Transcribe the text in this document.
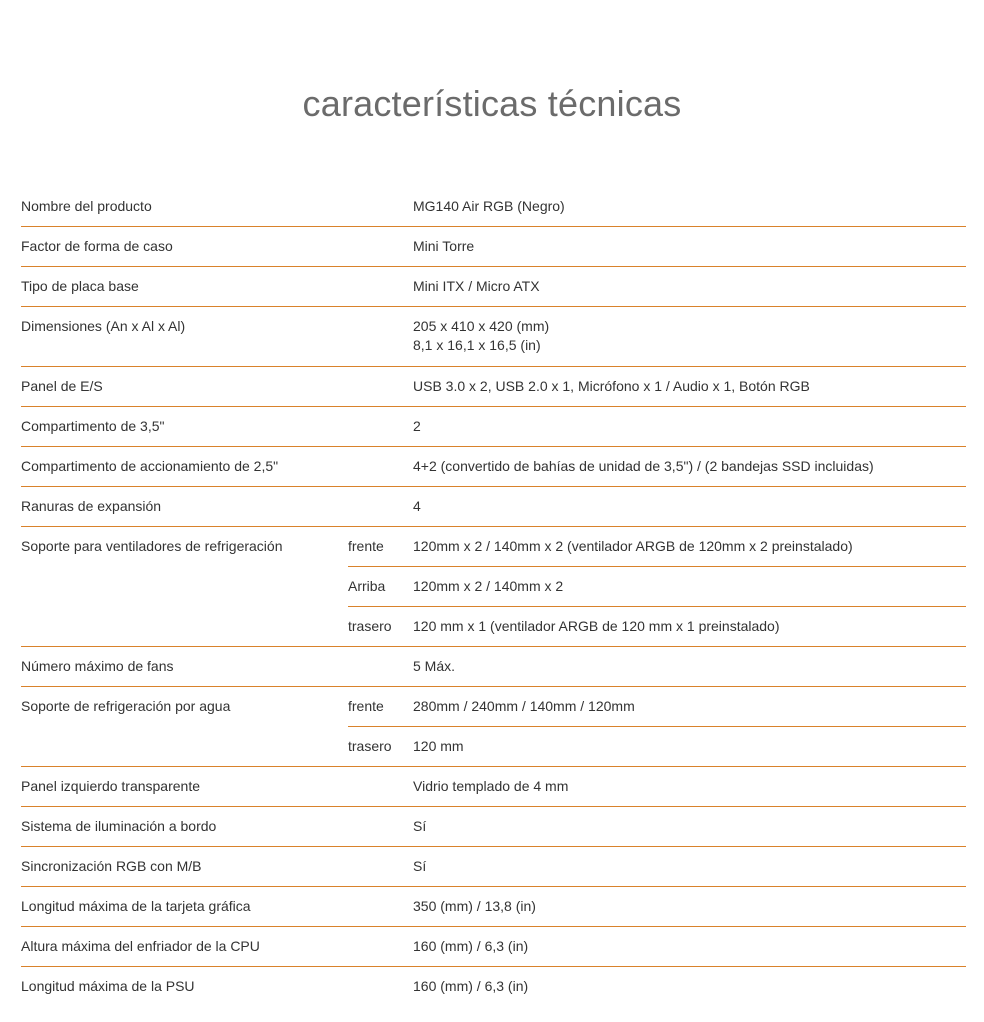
características técnicas
Nombre del producto	MG140 Air RGB (Negro)
Factor de forma de caso	Mini Torre
Tipo de placa base	Mini ITX / Micro ATX
Dimensiones (An x Al x Al)	205 x 410 x 420 (mm)
8,1 x 16,1 x 16,5 (in)
Panel de E/S	USB 3.0 x 2, USB 2.0 x 1, Micrófono x 1 / Audio x 1, Botón RGB
Compartimento de 3,5"	2
Compartimento de accionamiento de 2,5"	4+2 (convertido de bahías de unidad de 3,5") / (2 bandejas SSD incluidas)
Ranuras de expansión	4
Soporte para ventiladores de refrigeración	frente	120mm x 2 / 140mm x 2 (ventilador ARGB de 120mm x 2 preinstalado)
Arriba	120mm x 2 / 140mm x 2
trasero	120 mm x 1 (ventilador ARGB de 120 mm x 1 preinstalado)
Número máximo de fans	5 Máx.
Soporte de refrigeración por agua	frente	280mm / 240mm / 140mm / 120mm
trasero	120 mm
Panel izquierdo transparente	Vidrio templado de 4 mm
Sistema de iluminación a bordo	Sí
Sincronización RGB con M/B	Sí
Longitud máxima de la tarjeta gráfica	350 (mm) / 13,8 (in)
Altura máxima del enfriador de la CPU	160 (mm) / 6,3 (in)
Longitud máxima de la PSU	160 (mm) / 6,3 (in)
